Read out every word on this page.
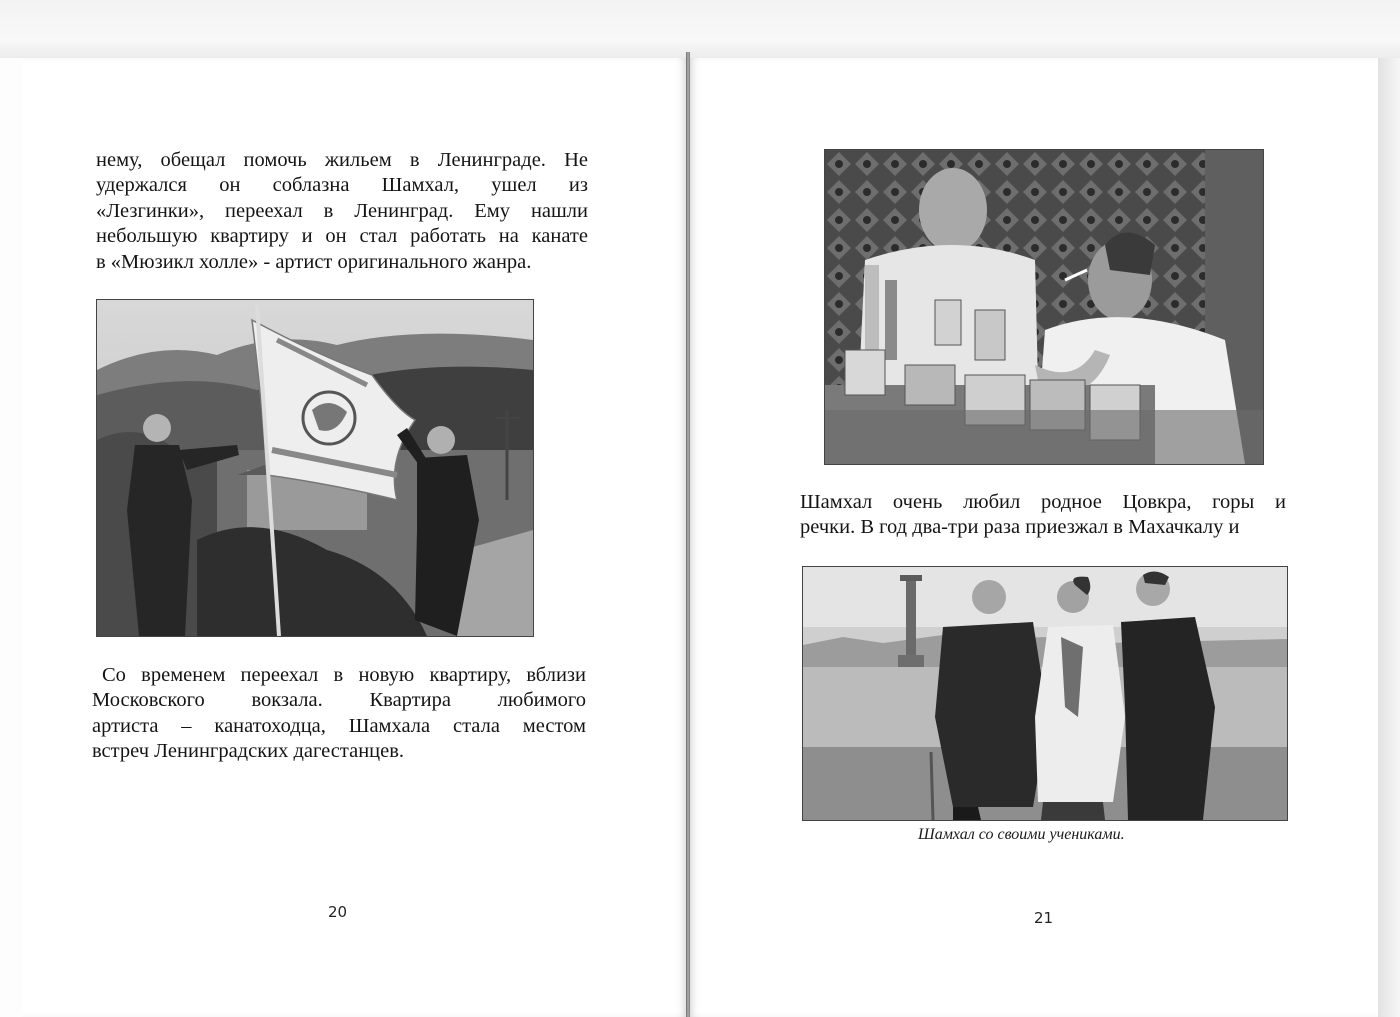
нему, обещал помочь жильем в Ленинграде. Не
удержался он соблазна Шамхал, ушел из
«Лезгинки», переехал в Ленинград. Ему нашли
небольшую квартиру и он стал работать на канате
в «Мюзикл холле» - артист оригинального жанра.
Со временем переехал в новую квартиру, вблизи
Московского вокзала. Квартира любимого
артиста – канатоходца, Шамхала стала местом
встреч Ленинградских дагестанцев.
20
Шамхал очень любил родное Цовкра, горы и
речки. В год два-три раза приезжал в Махачкалу и
Шамхал со своими учениками.
21
